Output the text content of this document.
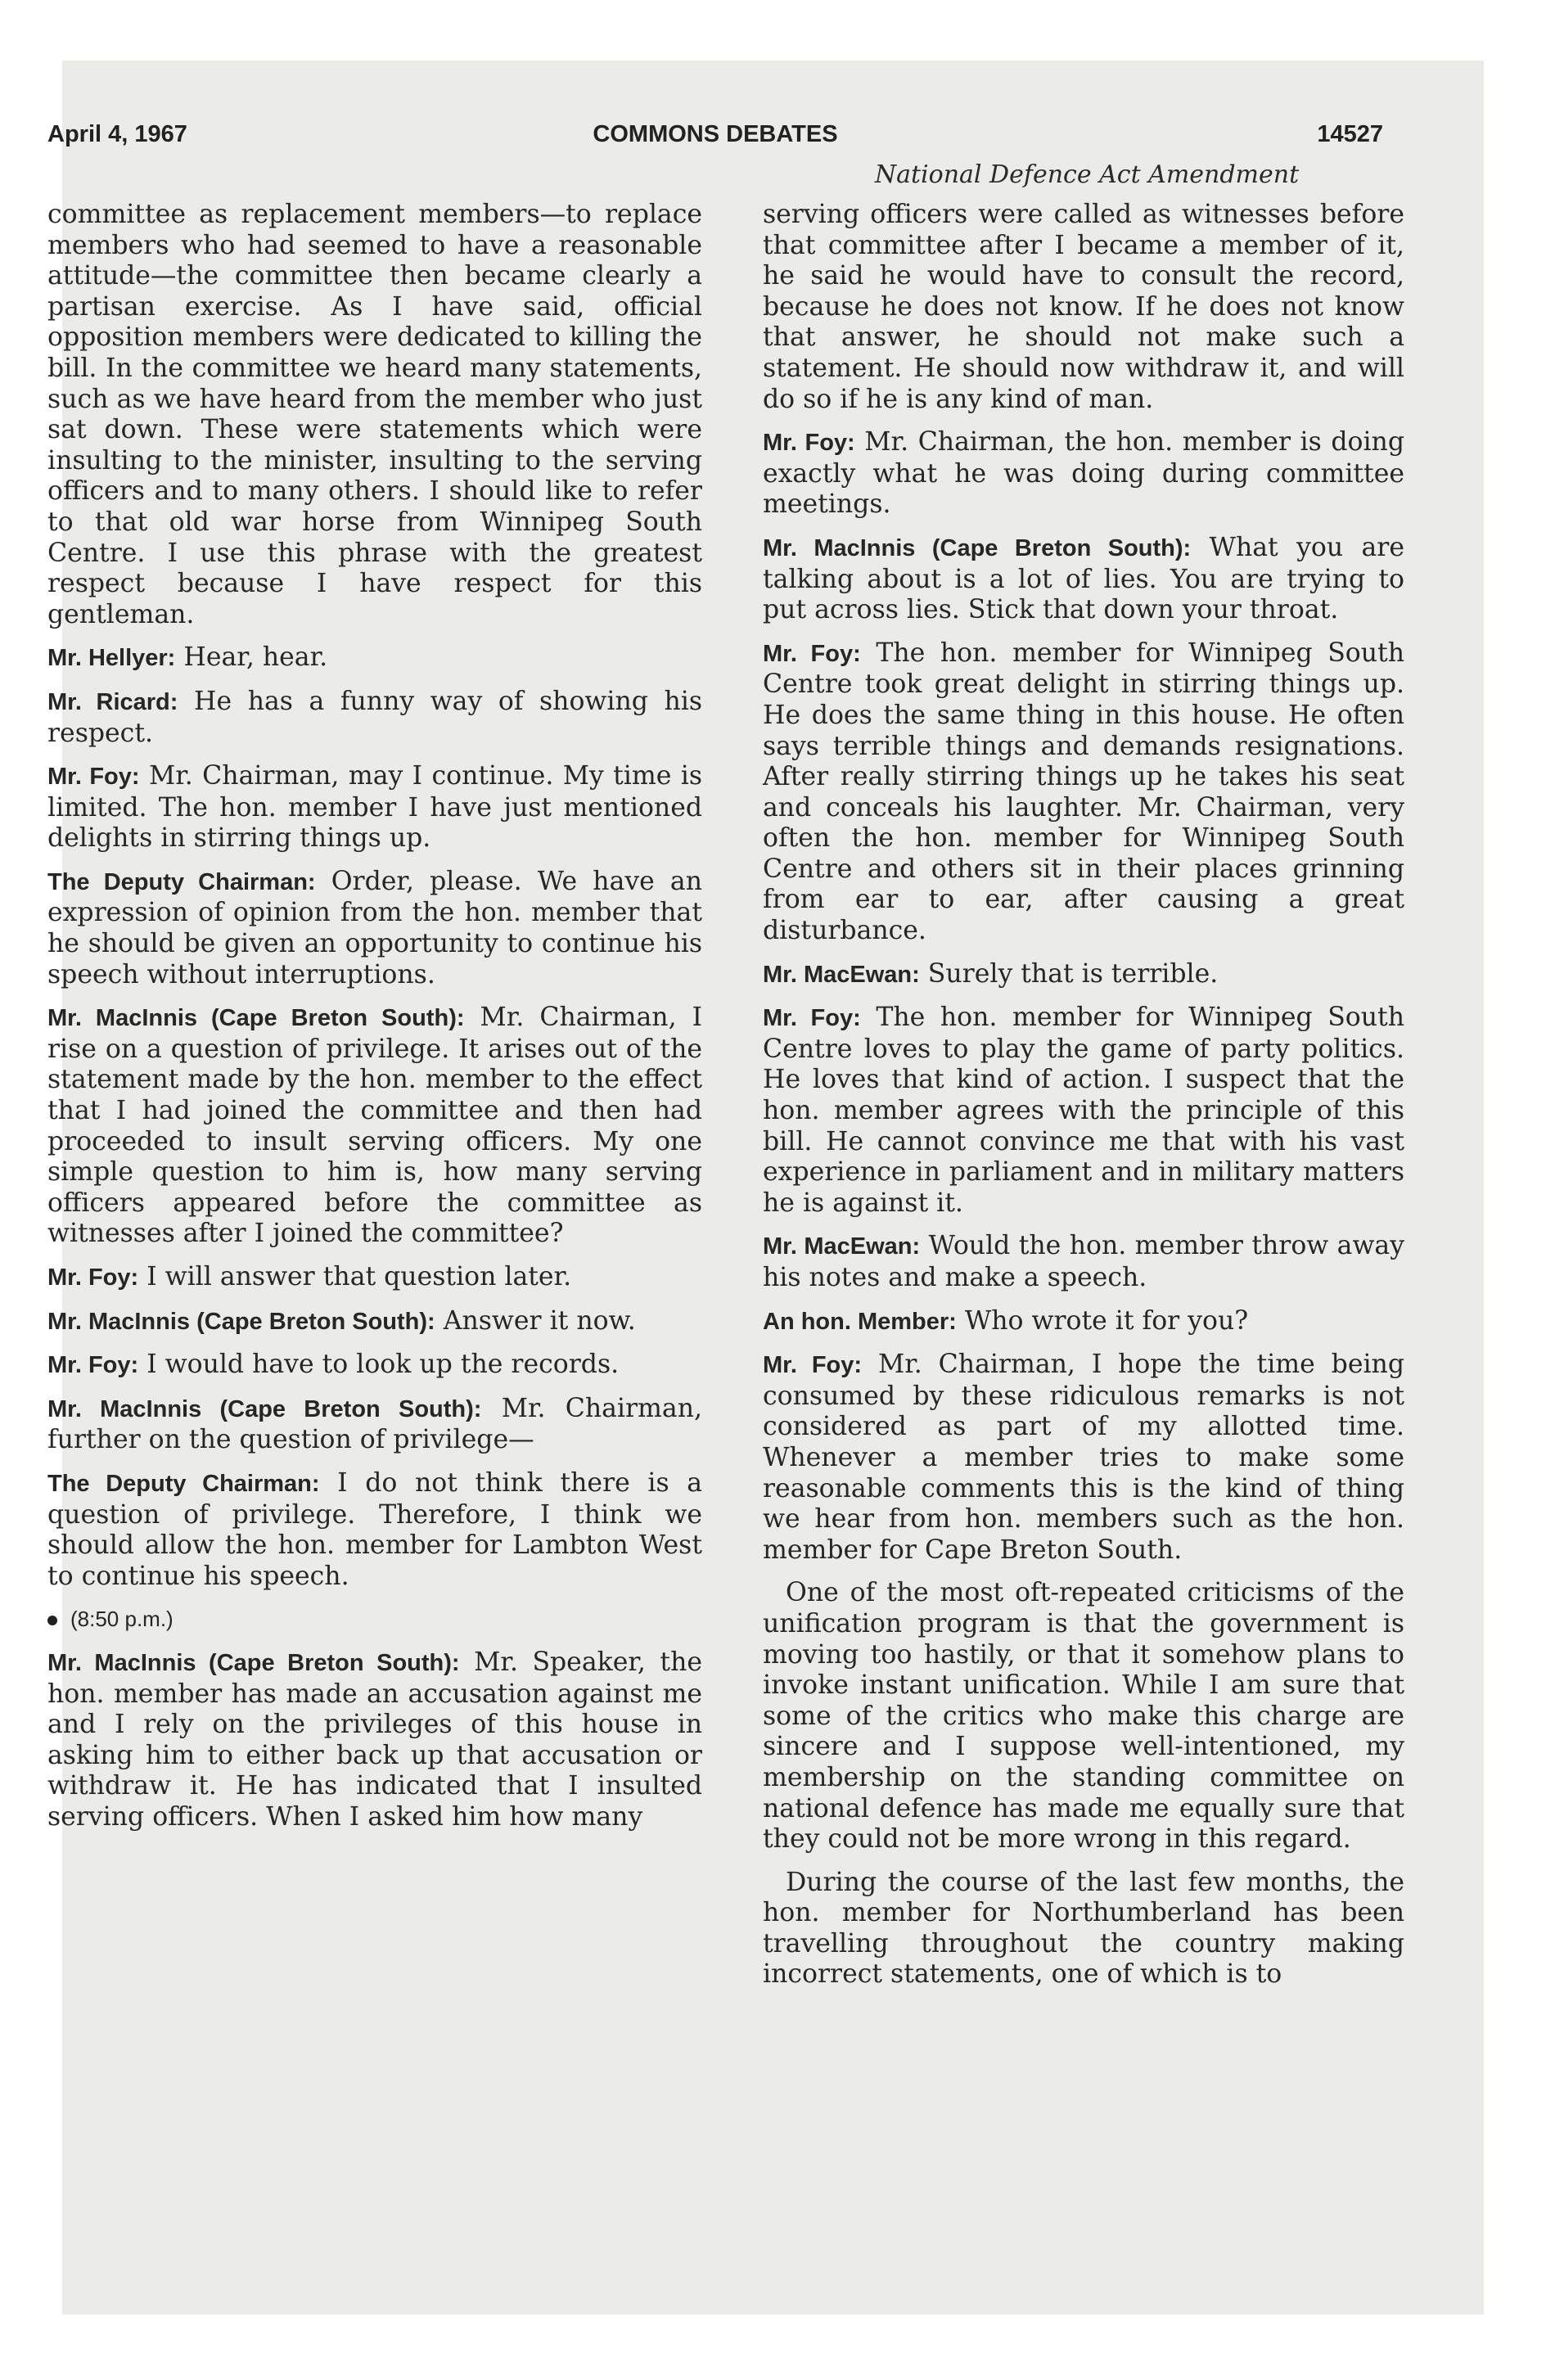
April 4, 1967	COMMONS DEBATES	14527
National Defence Act Amendment

committee as replacement members—to replace members who had seemed to have a reasonable attitude—the committee then became clearly a partisan exercise. As I have said, official opposition members were dedicated to killing the bill. In the committee we heard many statements, such as we have heard from the member who just sat down. These were statements which were insulting to the minister, insulting to the serving officers and to many others. I should like to refer to that old war horse from Winnipeg South Centre. I use this phrase with the greatest respect because I have respect for this gentleman.

Mr. Hellyer: Hear, hear.

Mr. Ricard: He has a funny way of showing his respect.

Mr. Foy: Mr. Chairman, may I continue. My time is limited. The hon. member I have just mentioned delights in stirring things up.

The Deputy Chairman: Order, please. We have an expression of opinion from the hon. member that he should be given an opportunity to continue his speech without interruptions.

Mr. MacInnis (Cape Breton South): Mr. Chairman, I rise on a question of privilege. It arises out of the statement made by the hon. member to the effect that I had joined the committee and then had proceeded to insult serving officers. My one simple question to him is, how many serving officers appeared before the committee as witnesses after I joined the committee?

Mr. Foy: I will answer that question later.

Mr. MacInnis (Cape Breton South): Answer it now.

Mr. Foy: I would have to look up the records.

Mr. MacInnis (Cape Breton South): Mr. Chairman, further on the question of privilege—

The Deputy Chairman: I do not think there is a question of privilege. Therefore, I think we should allow the hon. member for Lambton West to continue his speech.

(8:50 p.m.)

Mr. MacInnis (Cape Breton South): Mr. Speaker, the hon. member has made an accusation against me and I rely on the privileges of this house in asking him to either back up that accusation or withdraw it. He has indicated that I insulted serving officers. When I asked him how many

serving officers were called as witnesses before that committee after I became a member of it, he said he would have to consult the record, because he does not know. If he does not know that answer, he should not make such a statement. He should now withdraw it, and will do so if he is any kind of man.

Mr. Foy: Mr. Chairman, the hon. member is doing exactly what he was doing during committee meetings.

Mr. MacInnis (Cape Breton South): What you are talking about is a lot of lies. You are trying to put across lies. Stick that down your throat.

Mr. Foy: The hon. member for Winnipeg South Centre took great delight in stirring things up. He does the same thing in this house. He often says terrible things and demands resignations. After really stirring things up he takes his seat and conceals his laughter. Mr. Chairman, very often the hon. member for Winnipeg South Centre and others sit in their places grinning from ear to ear, after causing a great disturbance.

Mr. MacEwan: Surely that is terrible.

Mr. Foy: The hon. member for Winnipeg South Centre loves to play the game of party politics. He loves that kind of action. I suspect that the hon. member agrees with the principle of this bill. He cannot convince me that with his vast experience in parliament and in military matters he is against it.

Mr. MacEwan: Would the hon. member throw away his notes and make a speech.

An hon. Member: Who wrote it for you?

Mr. Foy: Mr. Chairman, I hope the time being consumed by these ridiculous remarks is not considered as part of my allotted time. Whenever a member tries to make some reasonable comments this is the kind of thing we hear from hon. members such as the hon. member for Cape Breton South.

One of the most oft-repeated criticisms of the unification program is that the government is moving too hastily, or that it somehow plans to invoke instant unification. While I am sure that some of the critics who make this charge are sincere and I suppose well-intentioned, my membership on the standing committee on national defence has made me equally sure that they could not be more wrong in this regard.

During the course of the last few months, the hon. member for Northumberland has been travelling throughout the country making incorrect statements, one of which is to
